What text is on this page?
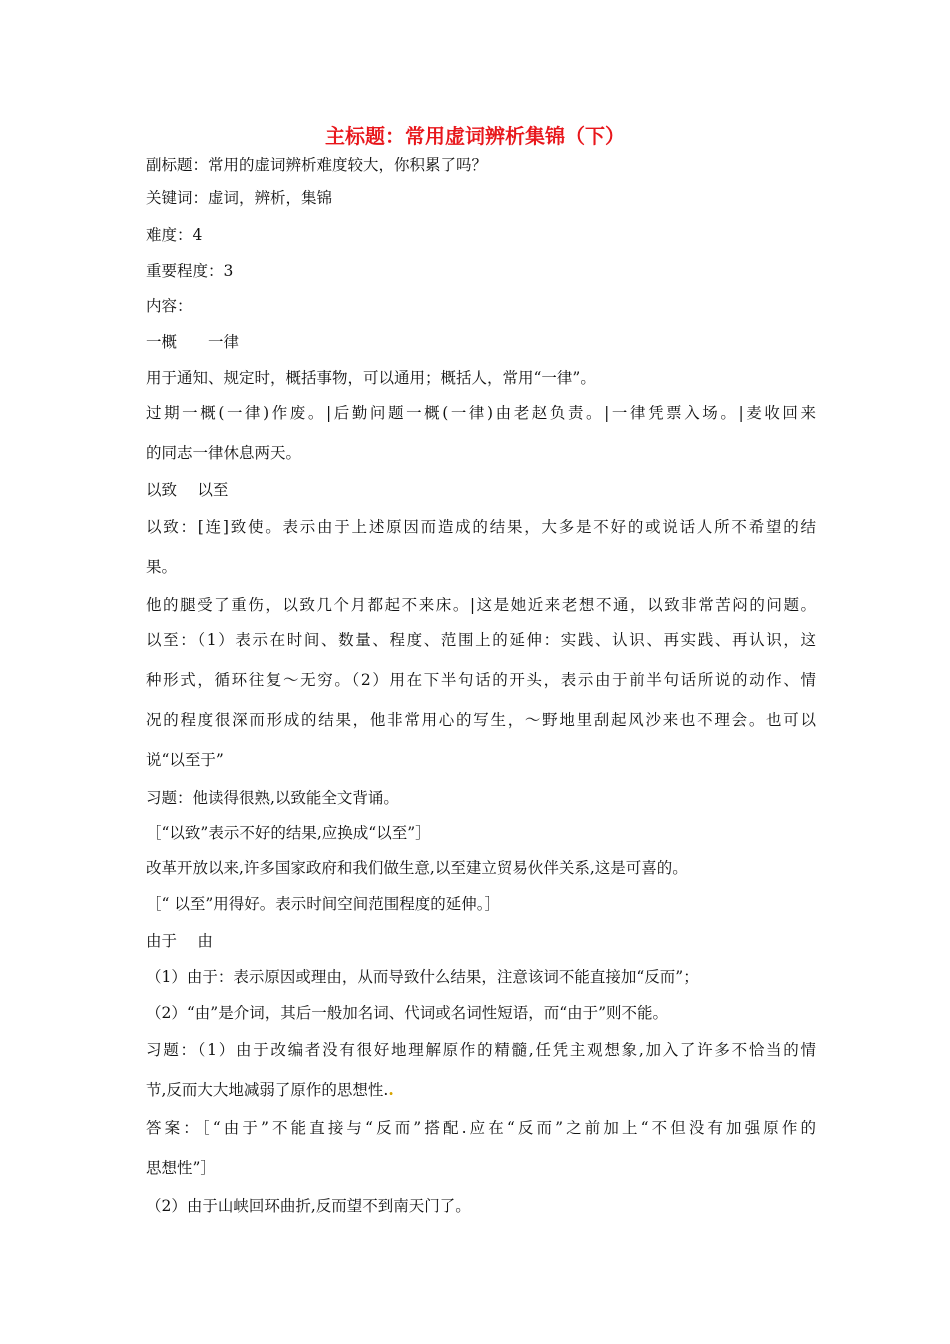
主标题：常用虚词辨析集锦（下）
副标题：常用的虚词辨析难度较大，你积累了吗？
关键词：虚词，辨析，集锦
难度：4
重要程度：3
内容：
一概　　一律
用于通知、规定时，概括事物，可以通用；概括人，常用“一律”。
过期一概(一律)作废。|后勤问题一概(一律)由老赵负责。|一律凭票入场。|麦收回来
的同志一律休息两天。
以致　 以至
以致：[连]致使。表示由于上述原因而造成的结果，大多是不好的或说话人所不希望的结
果。
他的腿受了重伤，以致几个月都起不来床。|这是她近来老想不通，以致非常苦闷的问题。
以至：（1）表示在时间、数量、程度、范围上的延伸：实践、认识、再实践、再认识，这
种形式，循环往复～无穷。（2）用在下半句话的开头，表示由于前半句话所说的动作、情
况的程度很深而形成的结果，他非常用心的写生，～野地里刮起风沙来也不理会。也可以
说“以至于”
习题：他读得很熟,以致能全文背诵。
［“以致”表示不好的结果,应换成“以至”］
改革开放以来,许多国家政府和我们做生意,以至建立贸易伙伴关系,这是可喜的。
［“ 以至”用得好。表示时间空间范围程度的延伸。］
由于　 由
（1）由于：表示原因或理由，从而导致什么结果，注意该词不能直接加“反而”；
（2）“由”是介词，其后一般加名词、代词或名词性短语，而“由于”则不能。
习题：（1）由于改编者没有很好地理解原作的精髓,任凭主观想象,加入了许多不恰当的情
节,反而大大地减弱了原作的思想性..
答案：［“由于”不能直接与“反而”搭配.应在“反而”之前加上“不但没有加强原作的
思想性”］
（2）由于山峡回环曲折,反而望不到南天门了。
